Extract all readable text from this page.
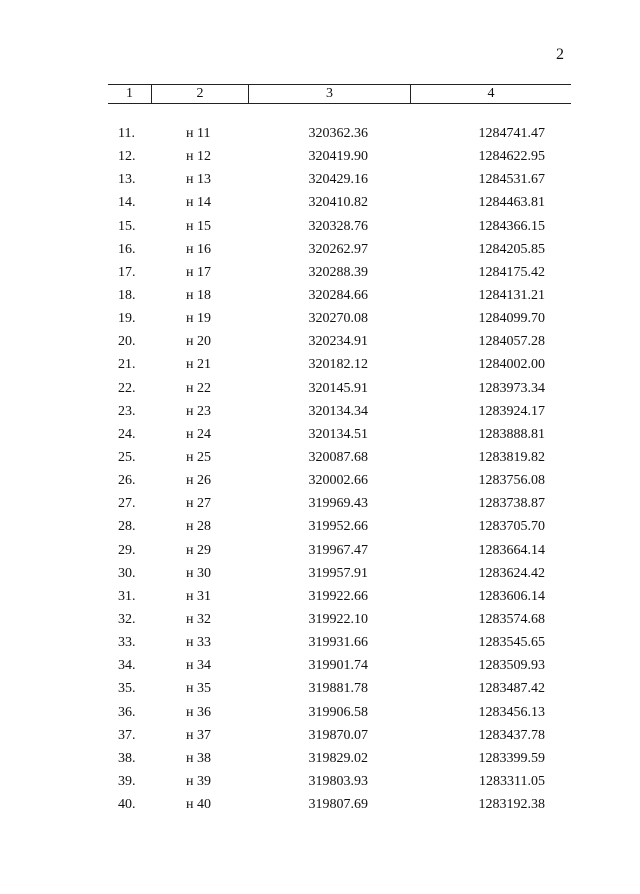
2
1	2	3	4
11.	н 11	320362.36	1284741.47
12.	н 12	320419.90	1284622.95
13.	н 13	320429.16	1284531.67
14.	н 14	320410.82	1284463.81
15.	н 15	320328.76	1284366.15
16.	н 16	320262.97	1284205.85
17.	н 17	320288.39	1284175.42
18.	н 18	320284.66	1284131.21
19.	н 19	320270.08	1284099.70
20.	н 20	320234.91	1284057.28
21.	н 21	320182.12	1284002.00
22.	н 22	320145.91	1283973.34
23.	н 23	320134.34	1283924.17
24.	н 24	320134.51	1283888.81
25.	н 25	320087.68	1283819.82
26.	н 26	320002.66	1283756.08
27.	н 27	319969.43	1283738.87
28.	н 28	319952.66	1283705.70
29.	н 29	319967.47	1283664.14
30.	н 30	319957.91	1283624.42
31.	н 31	319922.66	1283606.14
32.	н 32	319922.10	1283574.68
33.	н 33	319931.66	1283545.65
34.	н 34	319901.74	1283509.93
35.	н 35	319881.78	1283487.42
36.	н 36	319906.58	1283456.13
37.	н 37	319870.07	1283437.78
38.	н 38	319829.02	1283399.59
39.	н 39	319803.93	1283311.05
40.	н 40	319807.69	1283192.38
